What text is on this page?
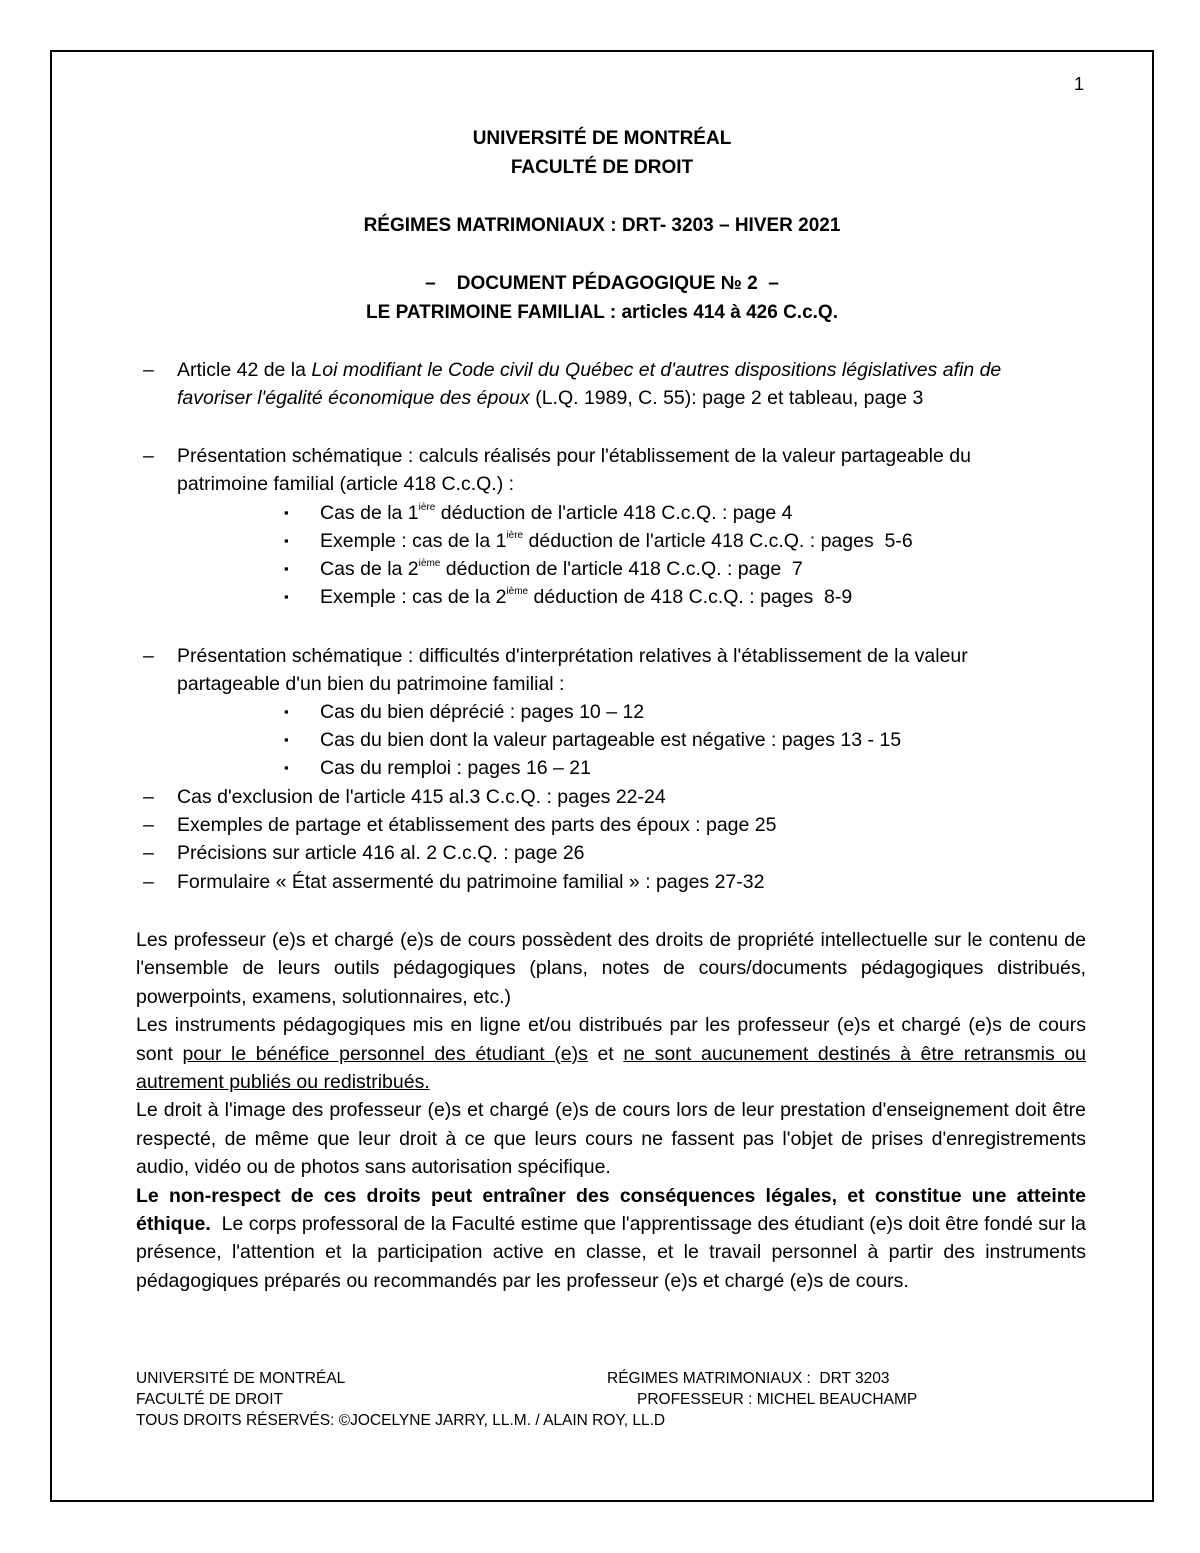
1
UNIVERSITÉ DE MONTRÉAL
FACULTÉ DE DROIT
RÉGIMES MATRIMONIAUX : DRT- 3203 – HIVER 2021
–    DOCUMENT PÉDAGOGIQUE № 2  –
LE PATRIMOINE FAMILIAL : articles 414 à 426 C.c.Q.
– Article 42 de la Loi modifiant le Code civil du Québec et d'autres dispositions législatives afin de
favoriser l'égalité économique des époux (L.Q. 1989, C. 55): page 2 et tableau, page 3
– Présentation schématique : calculs réalisés pour l'établissement de la valeur partageable du
patrimoine familial (article 418 C.c.Q.) :
▪ Cas de la $1^{ière}$ déduction de l'article 418 C.c.Q. : page 4
▪ Exemple : cas de la $1^{ière}$ déduction de l'article 418 C.c.Q. : pages  5-6
▪ Cas de la 2ième déduction de l'article 418 C.c.Q. : page  7
▪ Exemple : cas de la 2ième déduction de 418 C.c.Q. : pages  8-9
– Présentation schématique : difficultés d'interprétation relatives à l'établissement de la valeur
partageable d'un bien du patrimoine familial :
▪ Cas du bien déprécié : pages 10 – 12
▪ Cas du bien dont la valeur partageable est négative : pages 13 - 15
▪ Cas du remploi : pages 16 – 21
– Cas d'exclusion de l'article 415 al.3 C.c.Q. : pages 22-24
– Exemples de partage et établissement des parts des époux : page 25
– Précisions sur article 416 al. 2 C.c.Q. : page 26
– Formulaire « État assermenté du patrimoine familial » : pages 27-32

Les professeur (e)s et chargé (e)s de cours possèdent des droits de propriété intellectuelle sur le contenu de l'ensemble de leurs outils pédagogiques (plans, notes de cours/documents pédagogiques distribués, powerpoints, examens, solutionnaires, etc.)

Les instruments pédagogiques mis en ligne et/ou distribués par les professeur (e)s et chargé (e)s de cours sont pour le bénéfice personnel des étudiant (e)s et ne sont aucunement destinés à être retransmis ou autrement publiés ou redistribués.

Le droit à l'image des professeur (e)s et chargé (e)s de cours lors de leur prestation d'enseignement doit être respecté, de même que leur droit à ce que leurs cours ne fassent pas l'objet de prises d'enregistrements audio, vidéo ou de photos sans autorisation spécifique.

Le non-respect de ces droits peut entraîner des conséquences légales, et constitue une atteinte éthique.  Le corps professoral de la Faculté estime que l'apprentissage des étudiant (e)s doit être fondé sur la présence, l'attention et la participation active en classe, et le travail personnel à partir des instruments pédagogiques préparés ou recommandés par les professeur (e)s et chargé (e)s de cours.

UNIVERSITÉ DE MONTRÉAL
FACULTÉ DE DROIT
RÉGIMES MATRIMONIAUX :  DRT 3203
PROFESSEUR : MICHEL BEAUCHAMP
TOUS DROITS RÉSERVÉS: ©JOCELYNE JARRY, LL.M. / ALAIN ROY, LL.D
